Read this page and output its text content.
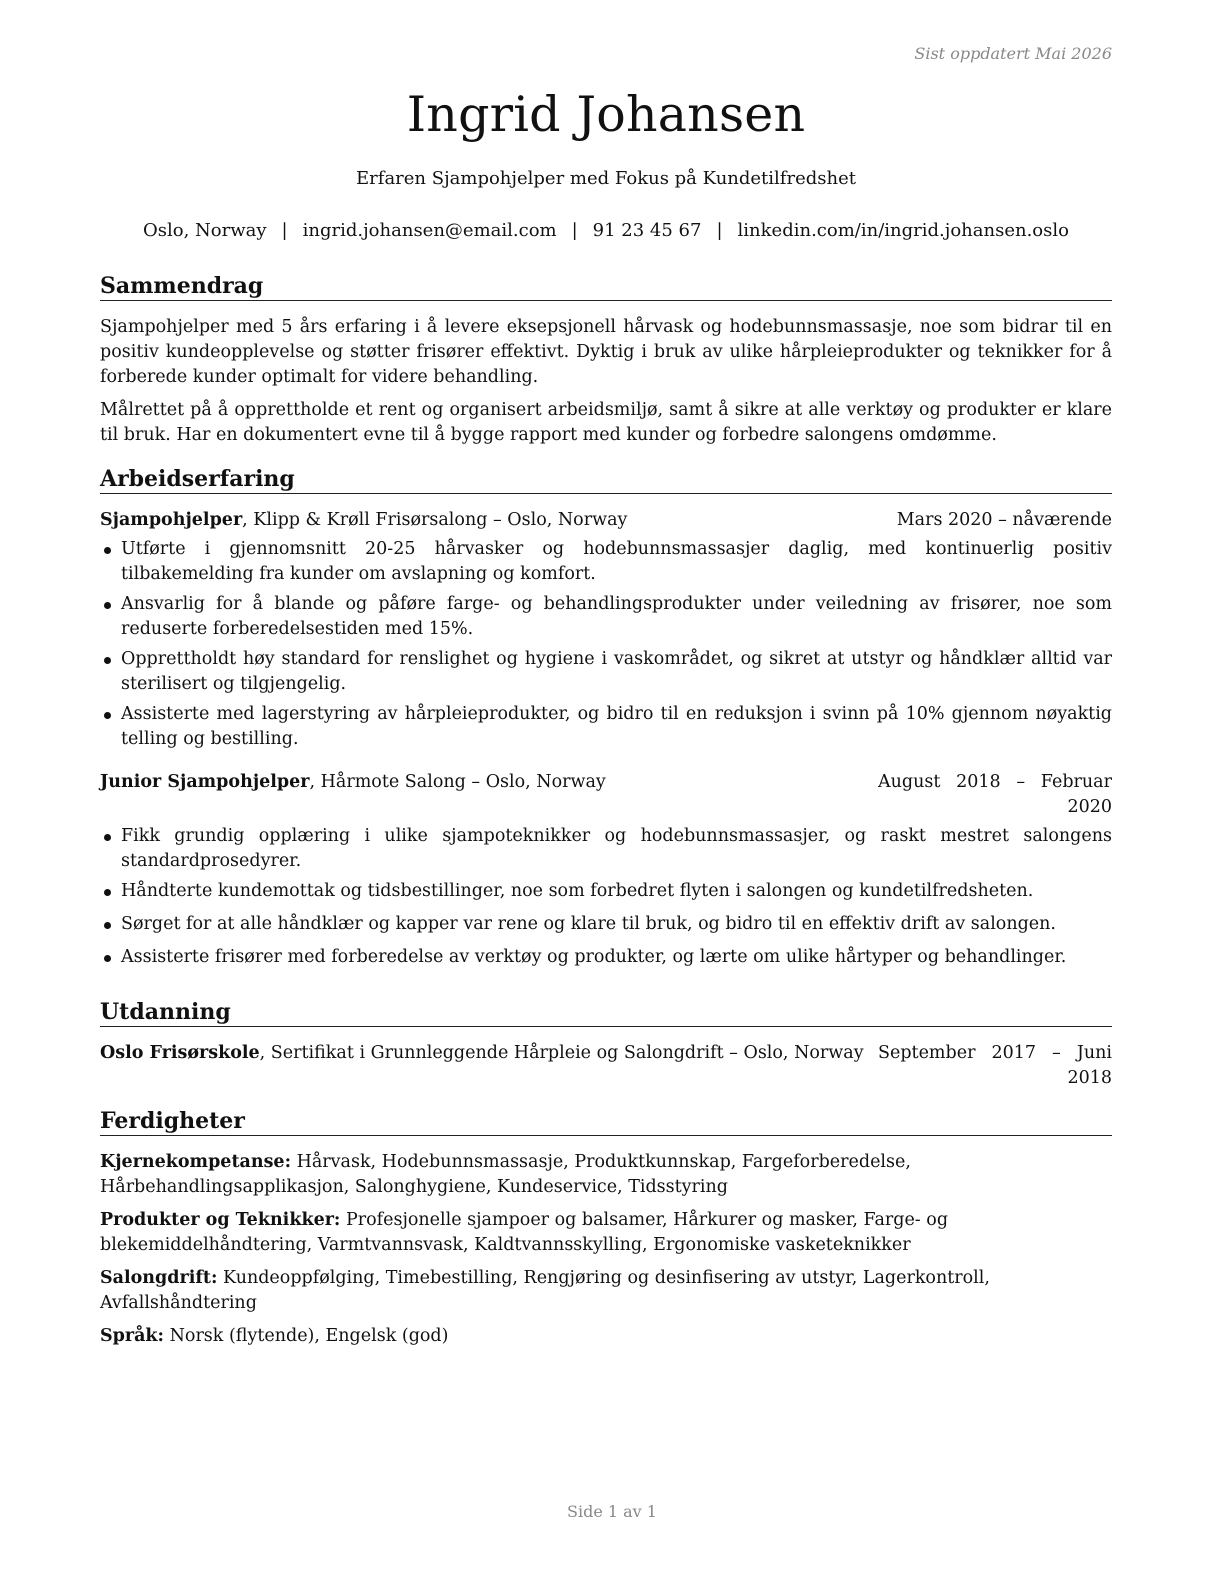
Sist oppdatert Mai 2026
Ingrid Johansen
Erfaren Sjampohjelper med Fokus på Kundetilfredshet
Oslo, Norway | ingrid.johansen@email.com | 91 23 45 67 | linkedin.com/in/ingrid.johansen.oslo
Sammendrag

Sjampohjelper med 5 års erfaring i å levere eksepsjonell hårvask og hodebunnsmassasje, noe som bidrar til en positiv kundeopplevelse og støtter frisører effektivt. Dyktig i bruk av ulike hårpleieprodukter og teknikker for å forberede kunder optimalt for videre behandling.

Målrettet på å opprettholde et rent og organisert arbeidsmiljø, samt å sikre at alle verktøy og produkter er klare til bruk. Har en dokumentert evne til å bygge rapport med kunder og forbedre salongens omdømme.

Arbeidserfaring
Sjampohjelper, Klipp & Krøll Frisørsalong – Oslo, Norway	Mars 2020 – nåværende
Utførte i gjennomsnitt 20-25 hårvasker og hodebunnsmassasjer daglig, med kontinuerlig positiv tilbakemelding fra kunder om avslapning og komfort.
Ansvarlig for å blande og påføre farge- og behandlingsprodukter under veiledning av frisører, noe som reduserte forberedelsestiden med 15%.
Opprettholdt høy standard for renslighet og hygiene i vaskområdet, og sikret at utstyr og håndklær alltid var sterilisert og tilgjengelig.
Assisterte med lagerstyring av hårpleieprodukter, og bidro til en reduksjon i svinn på 10% gjennom nøyaktig telling og bestilling.
Junior Sjampohjelper, Hårmote Salong – Oslo, Norway	August 2018 – Februar 2020
Fikk grundig opplæring i ulike sjampoteknikker og hodebunnsmassasjer, og raskt mestret salongens standardprosedyrer.
Håndterte kundemottak og tidsbestillinger, noe som forbedret flyten i salongen og kundetilfredsheten.
Sørget for at alle håndklær og kapper var rene og klare til bruk, og bidro til en effektiv drift av salongen.
Assisterte frisører med forberedelse av verktøy og produkter, og lærte om ulike hårtyper og behandlinger.
Utdanning
Oslo Frisørskole, Sertifikat i Grunnleggende Hårpleie og Salongdrift – Oslo, Norway September 2017 – Juni 2018
Ferdigheter
Kjernekompetanse: Hårvask, Hodebunnsmassasje, Produktkunnskap, Fargeforberedelse, Hårbehandlingsapplikasjon, Salonghygiene, Kundeservice, Tidsstyring
Produkter og Teknikker: Profesjonelle sjampoer og balsamer, Hårkurer og masker, Farge- og blekemiddelhåndtering, Varmtvannsvask, Kaldtvannsskylling, Ergonomiske vasketeknikker
Salongdrift: Kundeoppfølging, Timebestilling, Rengjøring og desinfisering av utstyr, Lagerkontroll, Avfallshåndtering
Språk: Norsk (flytende), Engelsk (god)
Side 1 av 1
